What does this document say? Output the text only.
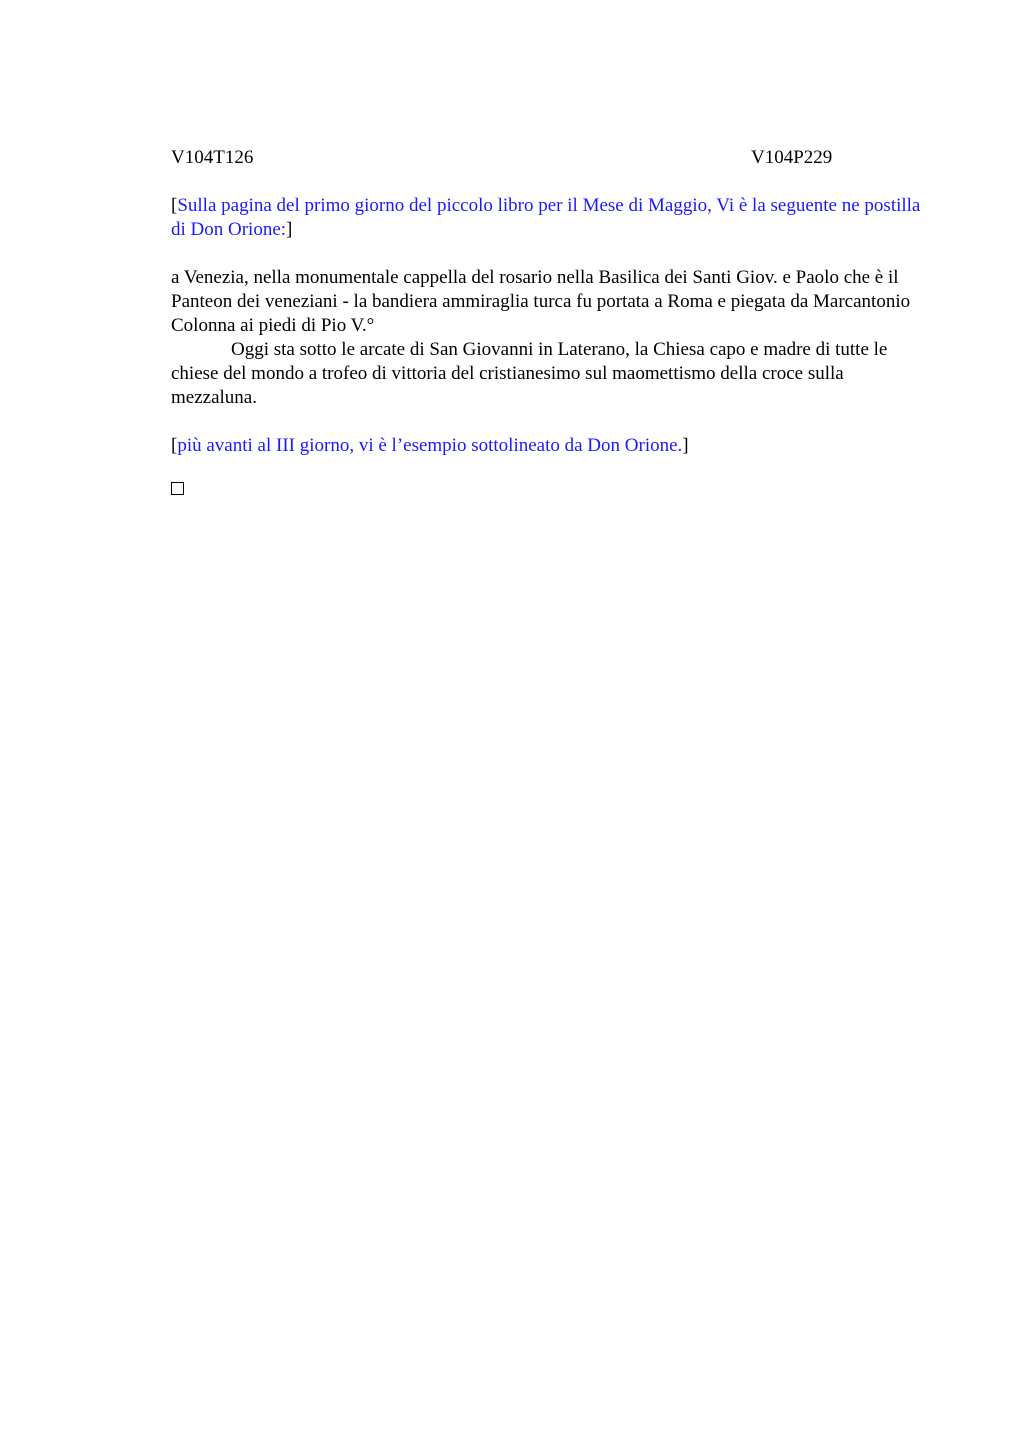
V104T126	V104P229

[Sulla pagina del primo giorno del piccolo libro per il Mese di Maggio, Vi è la seguente ne postilla di Don Orione:]

a Venezia, nella monumentale cappella del rosario nella Basilica dei Santi Giov. e Paolo che è il Panteon dei veneziani - la bandiera ammiraglia turca fu portata a Roma e piegata da Marcantonio Colonna ai piedi di Pio V.°

Oggi sta sotto le arcate di San Giovanni in Laterano, la Chiesa capo e madre di tutte le chiese del mondo a trofeo di vittoria del cristianesimo sul maomettismo della croce sulla mezzaluna.

[più avanti al III giorno, vi è l’esempio sottolineato da Don Orione.]
